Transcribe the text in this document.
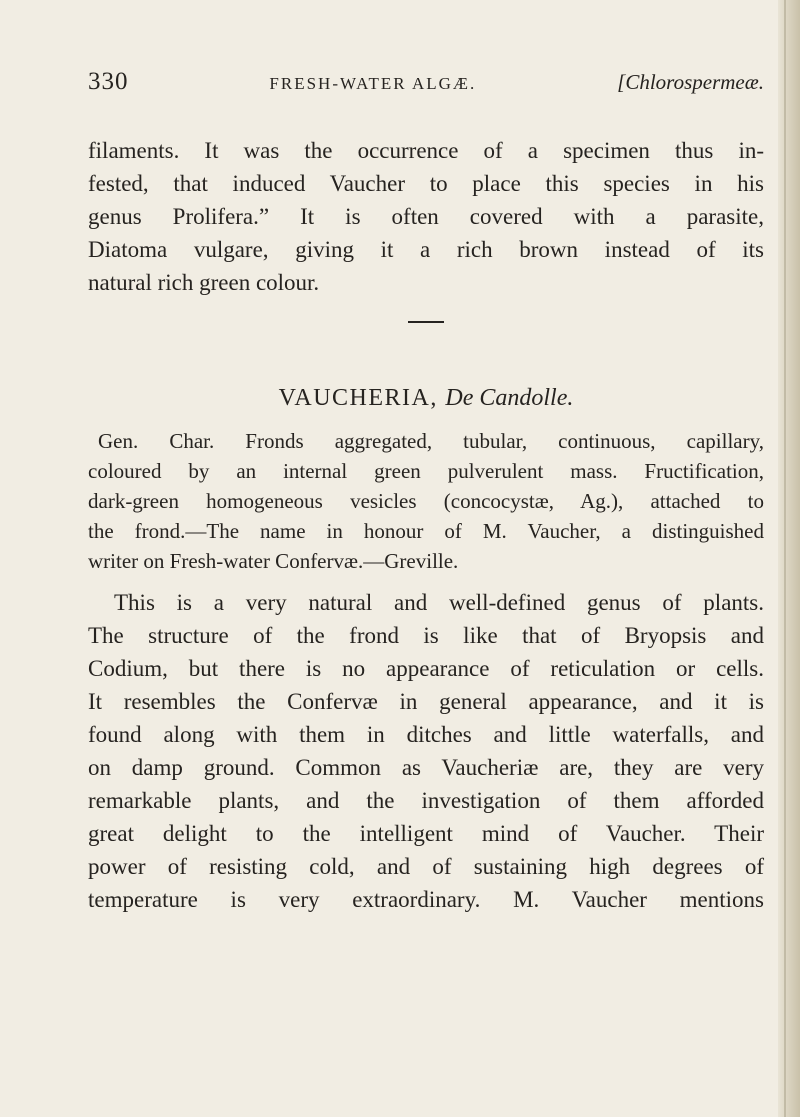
330	FRESH-WATER ALGÆ.	[Chlorospermeæ.
filaments. It was the occurrence of a specimen thus in-
fested, that induced Vaucher to place this species in his
genus Prolifera.” It is often covered with a parasite,
Diatoma vulgare, giving it a rich brown instead of its
natural rich green colour.
VAUCHERIA, De Candolle.
Gen. Char. Fronds aggregated, tubular, continuous, capillary,
coloured by an internal green pulverulent mass. Fructification,
dark-green homogeneous vesicles (concocystæ, Ag.), attached to
the frond.—The name in honour of M. Vaucher, a distinguished
writer on Fresh-water Confervæ.—Greville.
This is a very natural and well-defined genus of plants.
The structure of the frond is like that of Bryopsis and
Codium, but there is no appearance of reticulation or cells.
It resembles the Confervæ in general appearance, and it is
found along with them in ditches and little waterfalls, and
on damp ground. Common as Vaucheriæ are, they are very
remarkable plants, and the investigation of them afforded
great delight to the intelligent mind of Vaucher. Their
power of resisting cold, and of sustaining high degrees of
temperature is very extraordinary. M. Vaucher mentions
